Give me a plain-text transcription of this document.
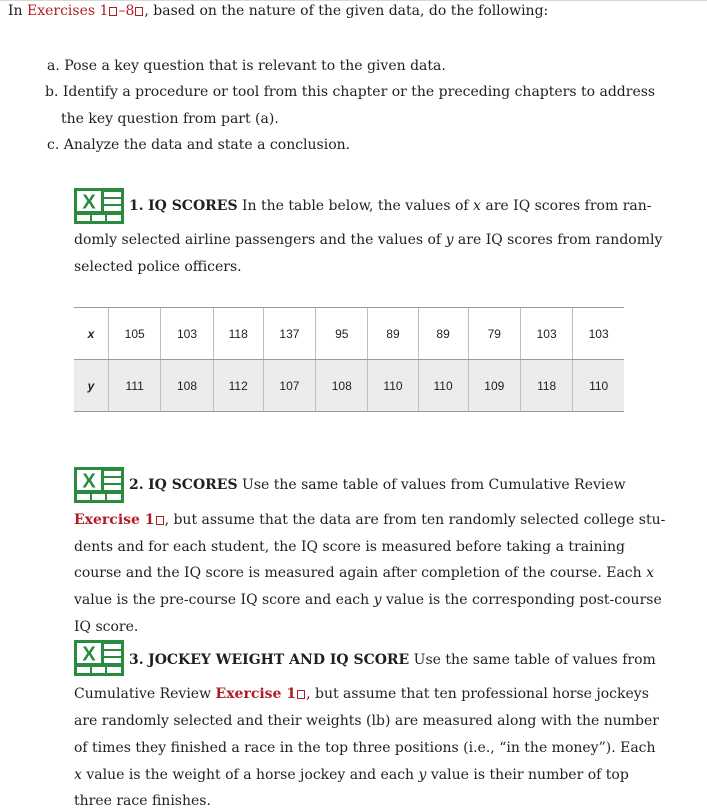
In Exercises 1 –8 , based on the nature of the given data, do the following:
a. Pose a key question that is relevant to the given data.
b. Identify a procedure or tool from this chapter or the preceding chapters to address
the key question from part (a).
c. Analyze the data and state a conclusion.
X 1. IQ SCORES In the table below, the values of x are IQ scores from ran-
domly selected airline passengers and the values of y are IQ scores from randomly
selected police officers.
x	105	103	118	137	95	89	89	79	103	103
y	111	108	112	107	108	110	110	109	118	110
X 2. IQ SCORES Use the same table of values from Cumulative Review
Exercise 1 , but assume that the data are from ten randomly selected college stu-
dents and for each student, the IQ score is measured before taking a training
course and the IQ score is measured again after completion of the course. Each x
value is the pre-course IQ score and each y value is the corresponding post-course
IQ score.
X 3. JOCKEY WEIGHT AND IQ SCORE Use the same table of values from
Cumulative Review Exercise 1 , but assume that ten professional horse jockeys
are randomly selected and their weights (lb) are measured along with the number
of times they finished a race in the top three positions (i.e., “in the money”). Each
x value is the weight of a horse jockey and each y value is their number of top
three race finishes.
